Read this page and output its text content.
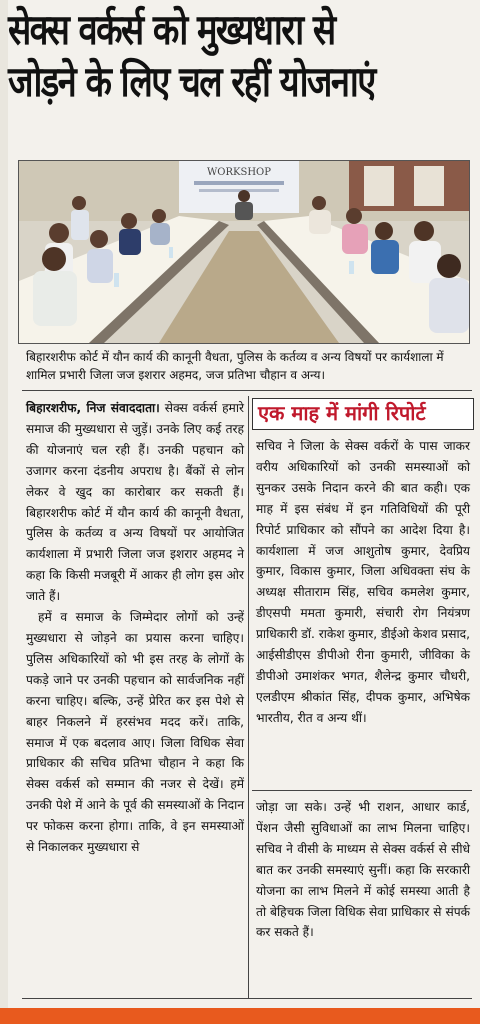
सेक्स वर्कर्स को मुख्यधारा से
जोड़ने के लिए चल रहीं योजनाएं
WORKSHOP
बिहारशरीफ कोर्ट में यौन कार्य की कानूनी वैधता, पुलिस के कर्तव्य व अन्य विषयों पर कार्यशाला में शामिल प्रभारी जिला जज इशरार अहमद, जज प्रतिभा चौहान व अन्य।

बिहारशरीफ, निज संवाददाता। सेक्स वर्कर्स हमारे समाज की मुख्यधारा से जुड़ें। उनके लिए कई तरह की योजनाएं चल रही हैं। उनकी पहचान को उजागर करना दंडनीय अपराध है। बैंकों से लोन लेकर वे खुद का कारोबार कर सकती हैं। बिहारशरीफ कोर्ट में यौन कार्य की कानूनी वैधता, पुलिस के कर्तव्य व अन्य विषयों पर आयोजित कार्यशाला में प्रभारी जिला जज इशरार अहमद ने कहा कि किसी मजबूरी में आकर ही लोग इस ओर जाते हैं।

हमें व समाज के जिम्मेदार लोगों को उन्हें मुख्यधारा से जोड़ने का प्रयास करना चाहिए। पुलिस अधिकारियों को भी इस तरह के लोगों के पकड़े जाने पर उनकी पहचान को सार्वजनिक नहीं करना चाहिए। बल्कि, उन्हें प्रेरित कर इस पेशे से बाहर निकलने में हरसंभव मदद करें। ताकि, समाज में एक बदलाव आए। जिला विधिक सेवा प्राधिकार की सचिव प्रतिभा चौहान ने कहा कि सेक्स वर्कर्स को सम्मान की नजर से देखें। हमें उनकी पेशे में आने के पूर्व की समस्याओं के निदान पर फोकस करना होगा। ताकि, वे इन समस्याओं से निकालकर मुख्यधारा से

एक माह में मांगी रिपोर्ट

सचिव ने जिला के सेक्स वर्करों के पास जाकर वरीय अधिकारियों को उनकी समस्याओं को सुनकर उसके निदान करने की बात कही। एक माह में इस संबंध में इन गतिविधियों की पूरी रिपोर्ट प्राधिकार को सौंपने का आदेश दिया है। कार्यशाला में जज आशुतोष कुमार, देवप्रिय कुमार, विकास कुमार, जिला अधिवक्ता संघ के अध्यक्ष सीताराम सिंह, सचिव कमलेश कुमार, डीएसपी ममता कुमारी, संचारी रोग नियंत्रण प्राधिकारी डॉ. राकेश कुमार, डीईओ केशव प्रसाद, आईसीडीएस डीपीओ रीना कुमारी, जीविका के डीपीओ उमाशंकर भगत, शैलेन्द्र कुमार चौधरी, एलडीएम श्रीकांत सिंह, दीपक कुमार, अभिषेक भारतीय, रीत व अन्य थीं।

जोड़ा जा सके। उन्हें भी राशन, आधार कार्ड, पेंशन जैसी सुविधाओं का लाभ मिलना चाहिए। सचिव ने वीसी के माध्यम से सेक्स वर्कर्स से सीधे बात कर उनकी समस्याएं सुनीं। कहा कि सरकारी योजना का लाभ मिलने में कोई समस्या आती है तो बेहिचक जिला विधिक सेवा प्राधिकार से संपर्क कर सकते हैं।
